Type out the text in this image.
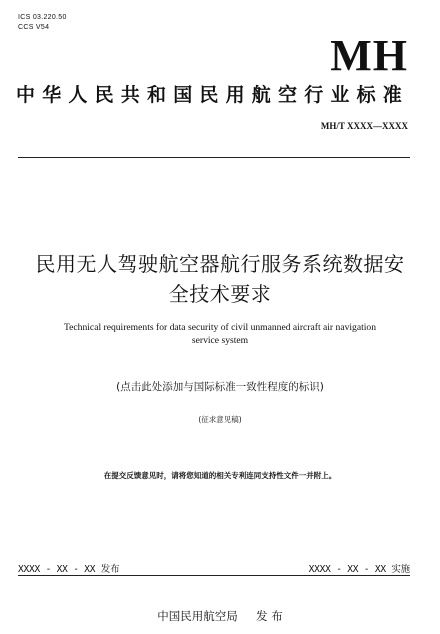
ICS 03.220.50
CCS V54
MH
中华人民共和国民用航空行业标准
MH/T XXXX—XXXX
民用无人驾驶航空器航行服务系统数据安
全技术要求
Technical requirements for data security of civil unmanned aircraft air navigation
service system
(点击此处添加与国际标准一致性程度的标识)
(征求意见稿)
在提交反馈意见时，请将您知道的相关专利连同支持性文件一并附上。
XXXX - XX - XX 发布	XXXX - XX - XX 实施
中国民用航空局     发 布
